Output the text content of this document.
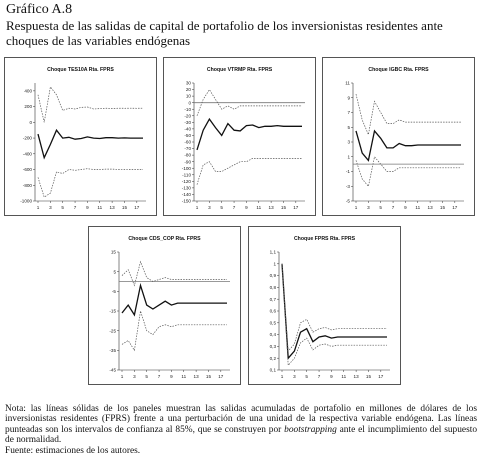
Gráfico A.8
Respuesta de las salidas de capital de portafolio de los inversionistas residentes ante choques de las variables endógenas
Choque TES10A Rta. FPRS
-1000
-800
-600
-400
-200
0
200
400
1 3 5 7 9 11 13 15 17
Choque VTRMP Rta. FPRS
-150
-140
-130
-120
-110
-100
-90
-80
-70
-60
-50
-40
-30
-20
-10
0
10
20
30
1 3 5 7 9 11 13 15 17
Choque IGBC Rta. FPRS
-5
-3
-1
1
3
5
7
9
11
1 3 5 7 9 11 13 15 17
Choque CDS_COP Rta. FPRS
-45
-35
-25
-15
-5
5
15
1 3 5 7 9 11 13 15 17
Choque FPRS Rta. FPRS
0,1
0,2
0,3
0,4
0,5
0,6
0,7
0,8
0,9
1
1,1
1 3 5 7 9 11 13 15 17

Nota: las líneas sólidas de los paneles muestran las salidas acumuladas de portafolio en millones de dólares de los inversionistas residentes (FPRS) frente a una perturbación de una unidad de la respectiva variable endógena. Las líneas punteadas son los intervalos de confianza al 85%, que se construyen por bootstrapping ante el incumplimiento del supuesto de normalidad.

Fuente: estimaciones de los autores.
